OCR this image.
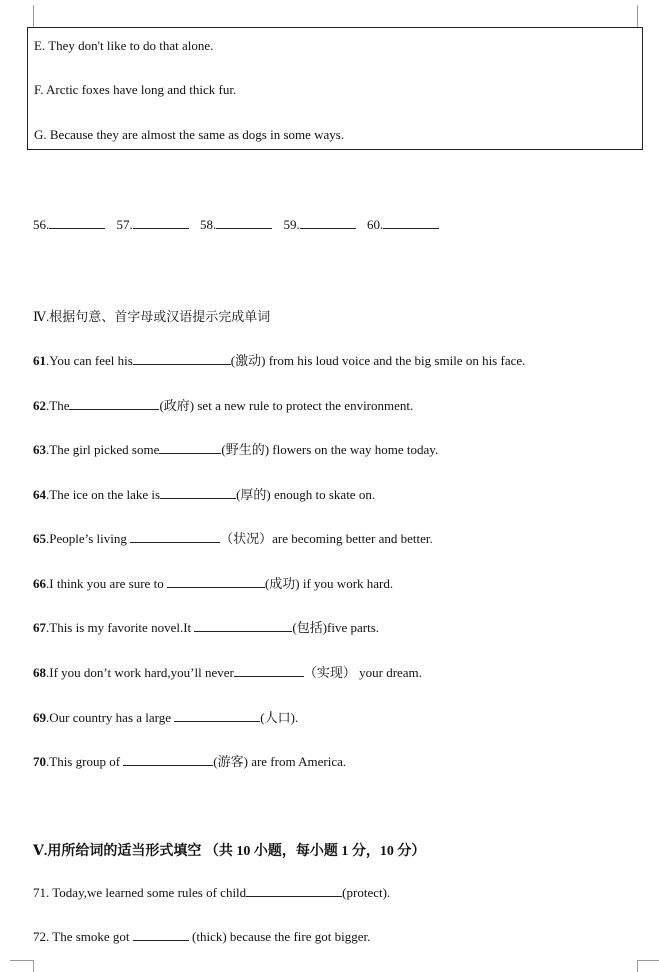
E. They don't like to do that alone.
F. Arctic foxes have long and thick fur.
G. Because they are almost the same as dogs in some ways.
56.	57.	58.	59.	60.
Ⅳ.根据句意、首字母或汉语提示完成单词
61.You can feel his	(激动) from his loud voice and the big smile on his face.
62.The	(政府) set a new rule to protect the environment.
63.The girl picked some	(野生的) flowers on the way home today.
64.The ice on the lake is	(厚的) enough to skate on.
65.People’s living	（状况）are becoming better and better.
66.I think you are sure to	(成功) if you work hard.
67.This is my favorite novel.It	(包括)five parts.
68.If you don’t work hard,you’ll never	（实现） your dream.
69.Our country has a large	(人口).
70.This group of	(游客) are from America.
Ⅴ.用所给词的适当形式填空 （共 10 小题，每小题 1 分，10 分）
71. Today,we learned some rules of child	(protect).
72. The smoke got	(thick) because the fire got bigger.
